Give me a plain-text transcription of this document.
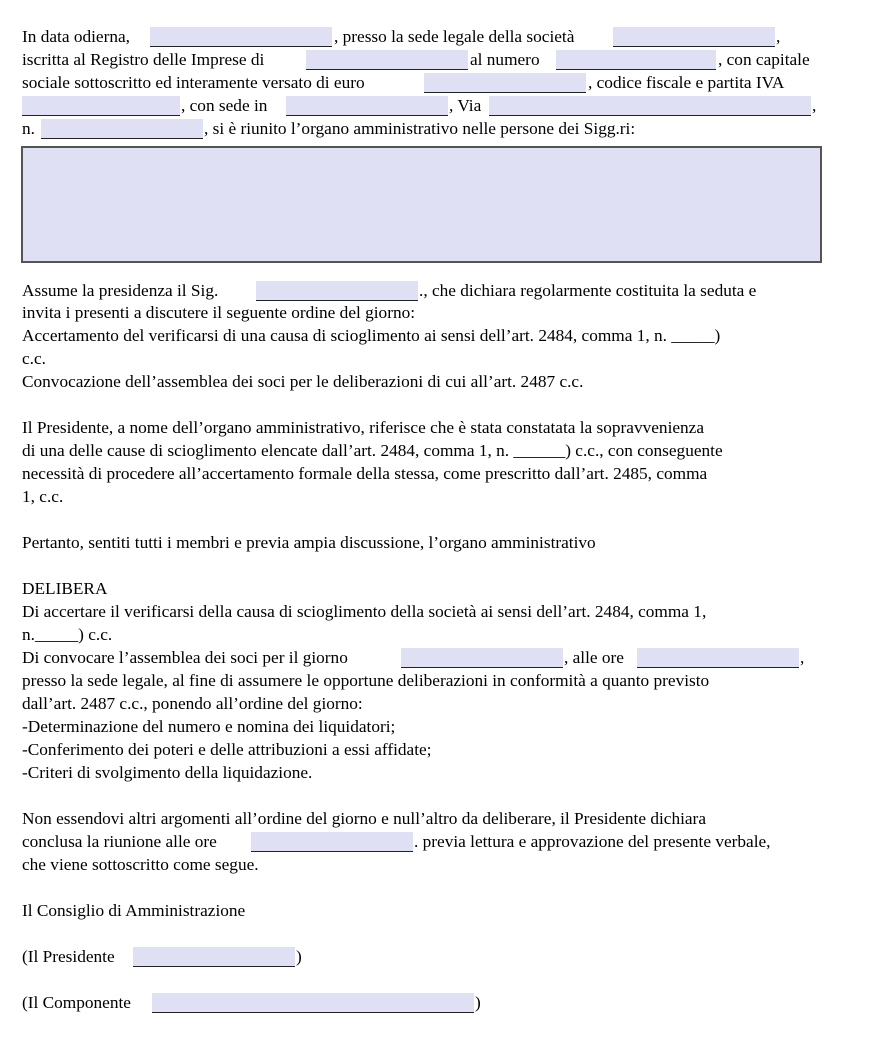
In data odierna,	, presso la sede legale della società	,
iscritta al Registro delle Imprese di	al numero	, con capitale
sociale sottoscritto ed interamente versato di euro	, codice fiscale e partita IVA
, con sede in	, Via	,
n.	, si è riunito l’organo amministrativo nelle persone dei Sigg.ri:
Assume la presidenza il Sig.	., che dichiara regolarmente costituita la seduta e
invita i presenti a discutere il seguente ordine del giorno:
Accertamento del verificarsi di una causa di scioglimento ai sensi dell’art. 2484, comma 1, n. _____)
c.c.
Convocazione dell’assemblea dei soci per le deliberazioni di cui all’art. 2487 c.c.
Il Presidente, a nome dell’organo amministrativo, riferisce che è stata constatata la sopravvenienza
di una delle cause di scioglimento elencate dall’art. 2484, comma 1, n. ______) c.c., con conseguente
necessità di procedere all’accertamento formale della stessa, come prescritto dall’art. 2485, comma
1, c.c.
Pertanto, sentiti tutti i membri e previa ampia discussione, l’organo amministrativo
DELIBERA
Di accertare il verificarsi della causa di scioglimento della società ai sensi dell’art. 2484, comma 1,
n._____) c.c.
Di convocare l’assemblea dei soci per il giorno	, alle ore	,
presso la sede legale, al fine di assumere le opportune deliberazioni in conformità a quanto previsto
dall’art. 2487 c.c., ponendo all’ordine del giorno:
-Determinazione del numero e nomina dei liquidatori;
-Conferimento dei poteri e delle attribuzioni a essi affidate;
-Criteri di svolgimento della liquidazione.
Non essendovi altri argomenti all’ordine del giorno e null’altro da deliberare, il Presidente dichiara
conclusa la riunione alle ore	. previa lettura e approvazione del presente verbale,
che viene sottoscritto come segue.
Il Consiglio di Amministrazione
(Il Presidente	)
(Il Componente	)
